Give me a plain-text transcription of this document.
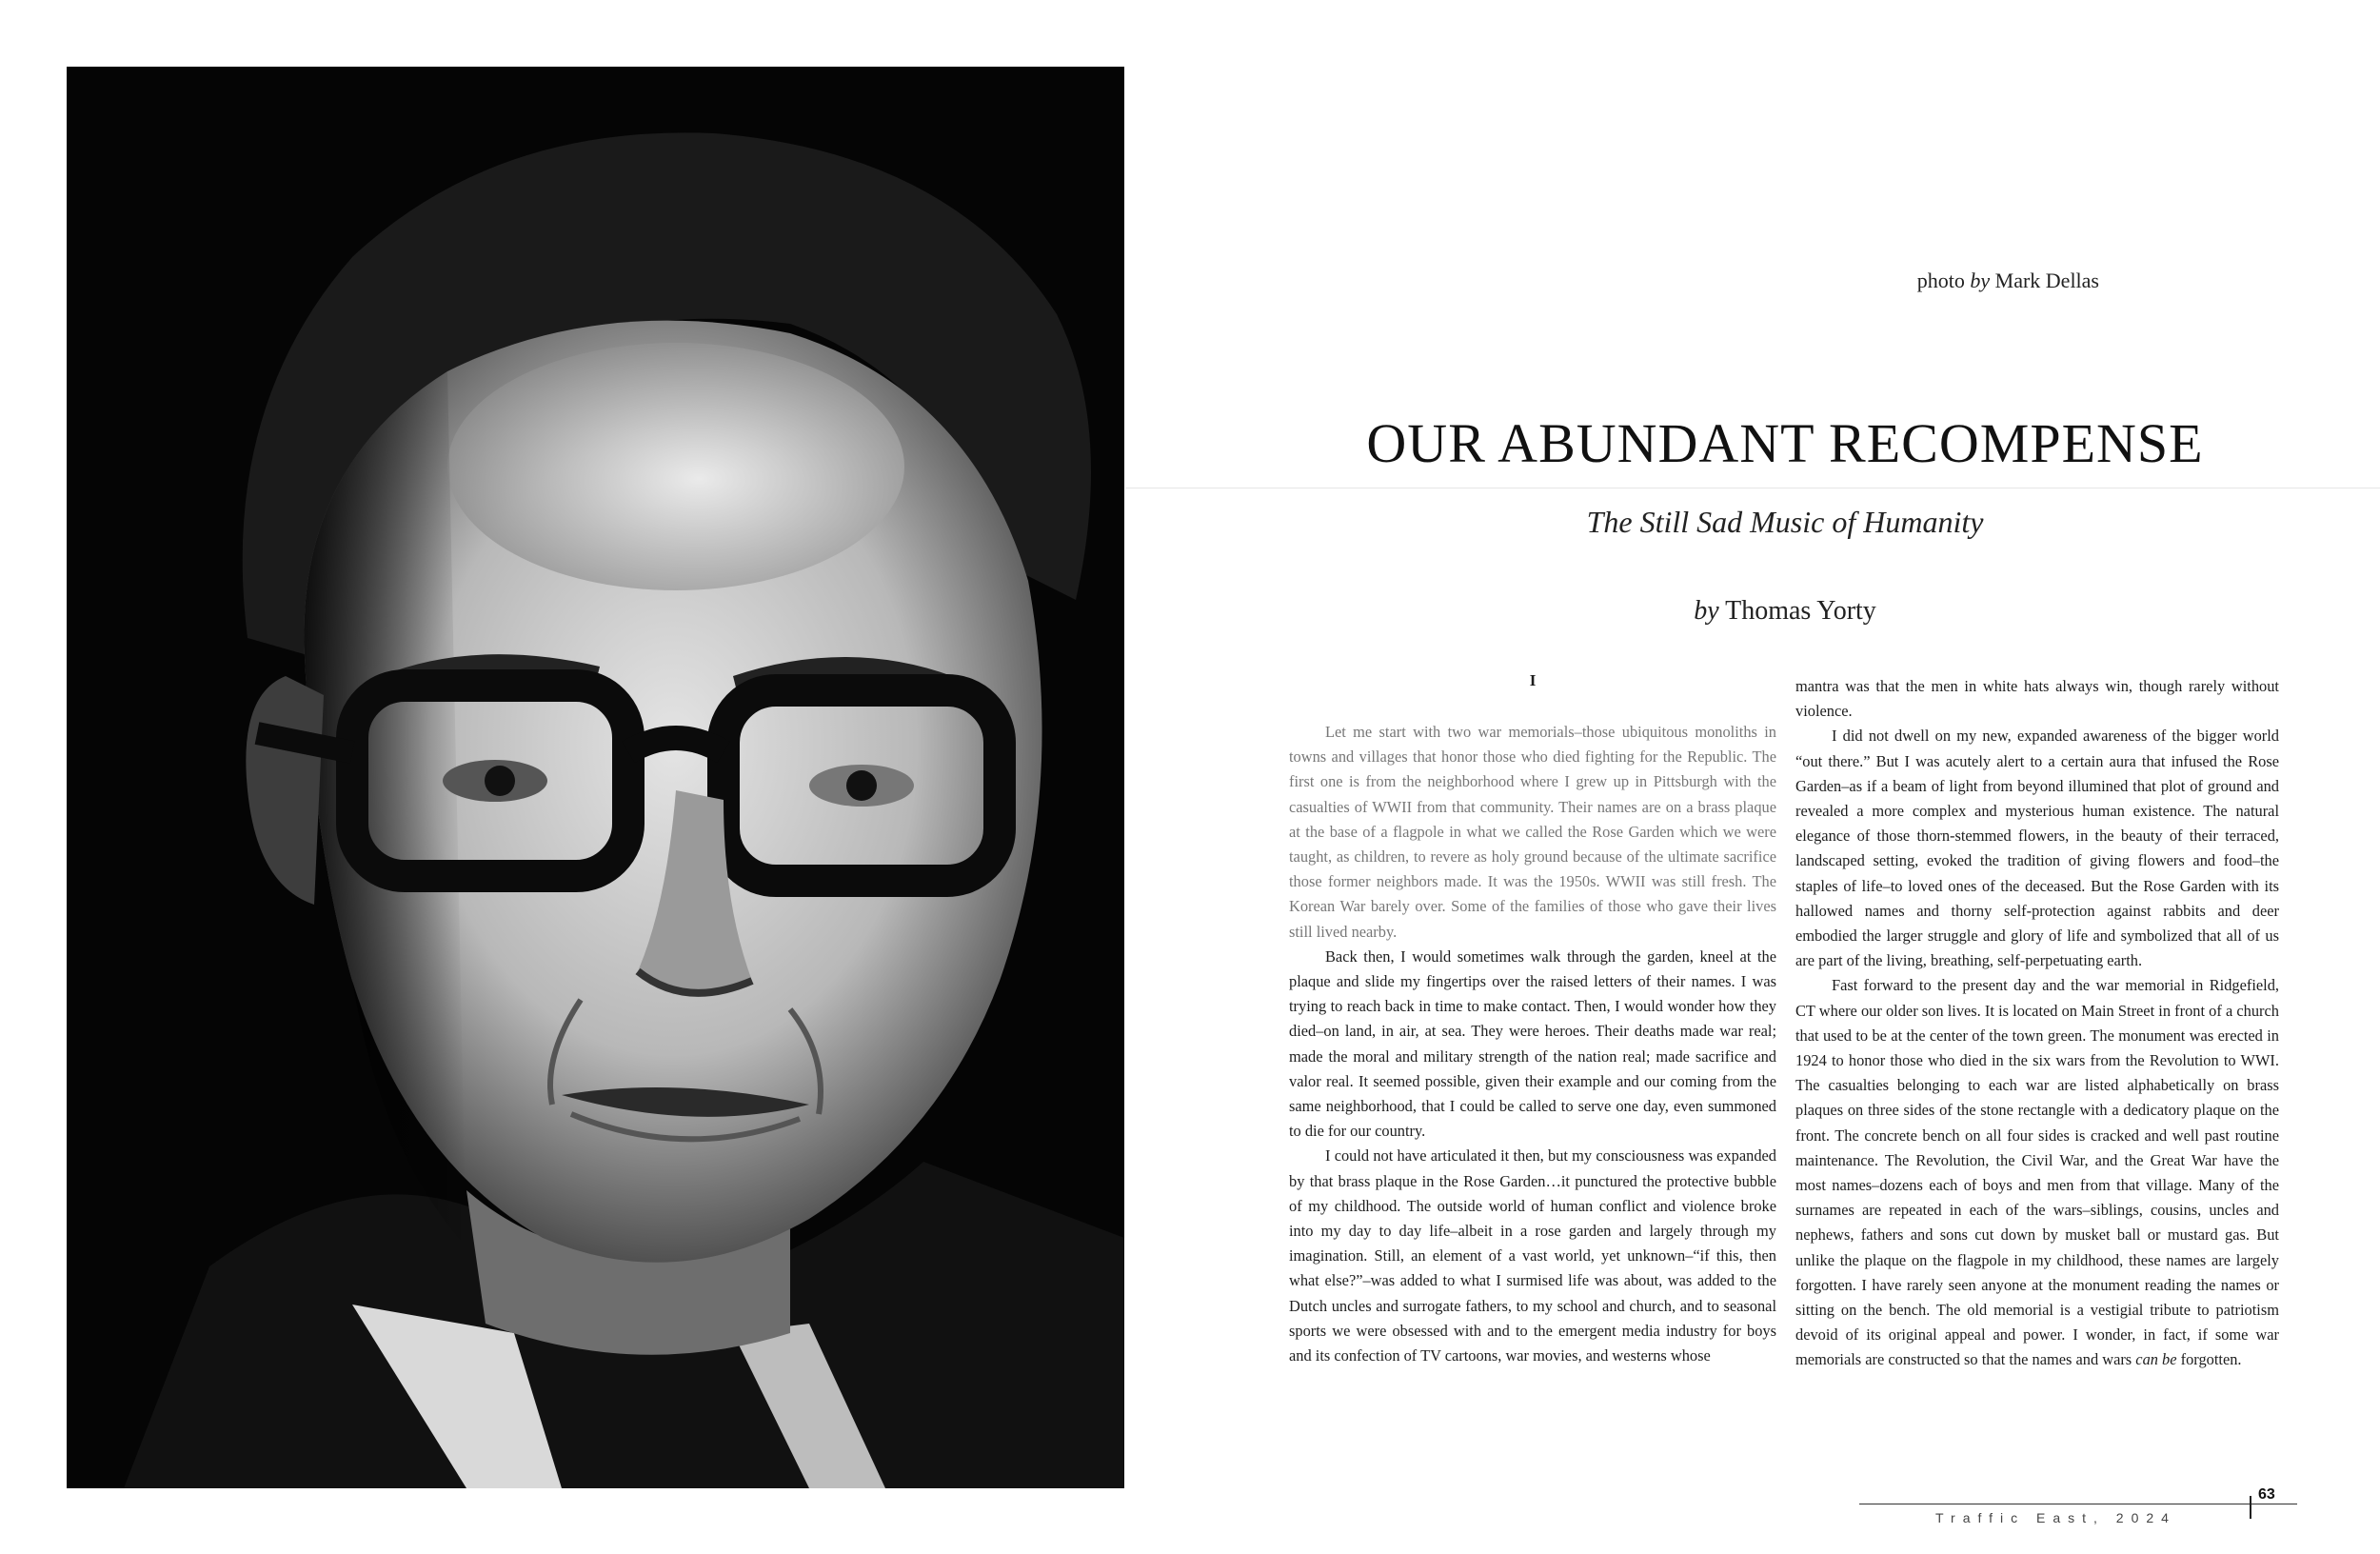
photo by Mark Dellas
OUR ABUNDANT RECOMPENSE
The Still Sad Music of Humanity
by Thomas Yorty
I

Let me start with two war memorials–those ubiquitous monoliths in towns and villages that honor those who died fighting for the Republic. The first one is from the neighborhood where I grew up in Pittsburgh with the casualties of WWII from that community. Their names are on a brass plaque at the base of a flagpole in what we called the Rose Garden which we were taught, as children, to revere as holy ground because of the ultimate sacrifice those former neighbors made. It was the 1950s. WWII was still fresh. The Korean War barely over. Some of the families of those who gave their lives still lived nearby.

Back then, I would sometimes walk through the garden, kneel at the plaque and slide my fingertips over the raised letters of their names. I was trying to reach back in time to make contact. Then, I would wonder how they died–on land, in air, at sea. They were heroes. Their deaths made war real; made the moral and military strength of the nation real; made sacrifice and valor real. It seemed possible, given their example and our coming from the same neighborhood, that I could be called to serve one day, even summoned to die for our country.

I could not have articulated it then, but my consciousness was expanded by that brass plaque in the Rose Garden…it punctured the protective bubble of my childhood. The outside world of human conflict and violence broke into my day to day life–albeit in a rose garden and largely through my imagination. Still, an element of a vast world, yet unknown–“if this, then what else?”–was added to what I surmised life was about, was added to the Dutch uncles and surrogate fathers, to my school and church, and to seasonal sports we were obsessed with and to the emergent media industry for boys and its confection of TV cartoons, war movies, and westerns whose

mantra was that the men in white hats always win, though rarely without violence.

I did not dwell on my new, expanded awareness of the bigger world “out there.” But I was acutely alert to a certain aura that infused the Rose Garden–as if a beam of light from beyond illumined that plot of ground and revealed a more complex and mysterious human existence. The natural elegance of those thorn-stemmed flowers, in the beauty of their terraced, landscaped setting, evoked the tradition of giving flowers and food–the staples of life–to loved ones of the deceased. But the Rose Garden with its hallowed names and thorny self-protection against rabbits and deer embodied the larger struggle and glory of life and symbolized that all of us are part of the living, breathing, self-perpetuating earth.

Fast forward to the present day and the war memorial in Ridgefield, CT where our older son lives. It is located on Main Street in front of a church that used to be at the center of the town green. The monument was erected in 1924 to honor those who died in the six wars from the Revolution to WWI. The casualties belonging to each war are listed alphabetically on brass plaques on three sides of the stone rectangle with a dedicatory plaque on the front. The concrete bench on all four sides is cracked and well past routine maintenance. The Revolution, the Civil War, and the Great War have the most names–dozens each of boys and men from that village. Many of the surnames are repeated in each of the wars–siblings, cousins, uncles and nephews, fathers and sons cut down by musket ball or mustard gas. But unlike the plaque on the flagpole in my childhood, these names are largely forgotten. I have rarely seen anyone at the monument reading the names or sitting on the bench. The old memorial is a vestigial tribute to patriotism devoid of its original appeal and power. I wonder, in fact, if some war memorials are constructed so that the names and wars can be forgotten.

Traffic East, 2024
63
